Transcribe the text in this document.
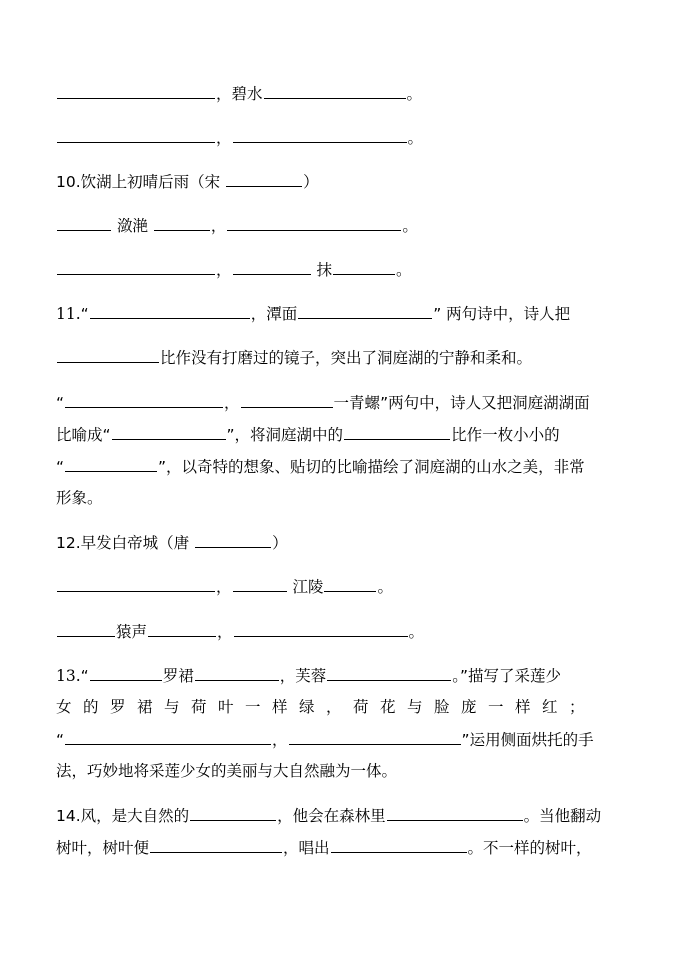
，碧水	。
，	。
10.饮湖上初晴后雨（宋	）
潋滟	，	。
，	抹	。
11.“	，潭面	” 两句诗中，诗人把
比作没有打磨过的镜子，突出了洞庭湖的宁静和柔和。
“	，	一青螺”两句中，诗人又把洞庭湖湖面
比喻成“	”，将洞庭湖中的	比作一枚小小的
“	”，以奇特的想象、贴切的比喻描绘了洞庭湖的山水之美，非常
形象。
12.早发白帝城（唐	）
，	江陵	。
猿声	，	。
13.“	罗裙	，芙蓉	。”描写了采莲少
女的罗裙与荷叶一样绿，荷花与脸庞一样红；
“	，	”运用侧面烘托的手
法，巧妙地将采莲少女的美丽与大自然融为一体。
14.风，是大自然的	，他会在森林里	。当他翻动
树叶，树叶便	，唱出	。不一样的树叶，
